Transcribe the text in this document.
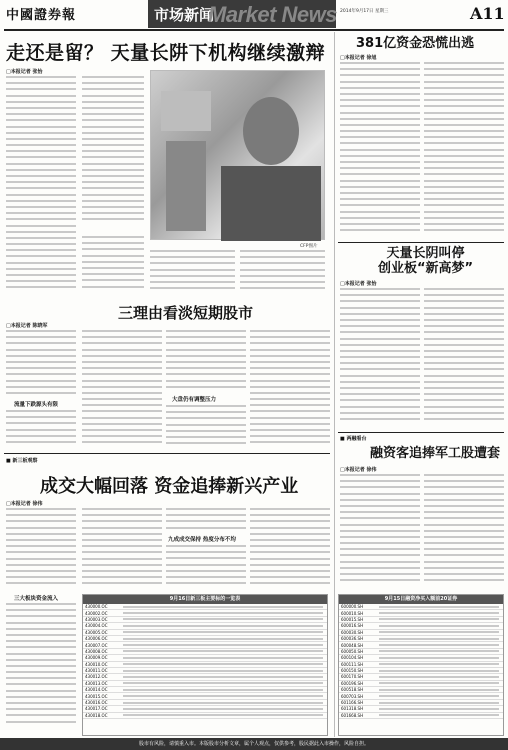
中國證券報	市场新闻
Market News 2014年9月17日 星期三	A11
走还是留？ 天量长阱下机构继续激辩
□本报记者 张怡
CFP图片
三理由看淡短期股市
□本报记者 陈晓军
流量下跌源头有限
大盘仍有调整压力
■ 新三板观察
成交大幅回落 资金追捧新兴产业
□本报记者 徐伟
三大板块资金流入
九成成交保持 热度分布不均
9月16日新三板主要标的一览表
430000.OC
430002.OC
430003.OC
430004.OC
430005.OC
430006.OC
430007.OC
430008.OC
430009.OC
430010.OC
430011.OC
430012.OC
430013.OC
430014.OC
430015.OC
430016.OC
430017.OC
430018.OC
381亿资金恐慌出逃
□本报记者 徐旭
天量长阴叫停
创业板“新高梦”
□本报记者 张怡
■ 两融看台
融资客追捧军工股遭套
□本报记者 徐伟
9月15日融资净买入额前20证券
600000.SH
600010.SH
600015.SH
600016.SH
600030.SH
600036.SH
600048.SH
600050.SH
600104.SH
600111.SH
600150.SH
600170.SH
600196.SH
600518.SH
600703.SH
601166.SH
601318.SH
601668.SH
股市有风险，请慎重入市。本版股市分析文章，属个人观点，仅供参考，股民据此入市操作，风险自担。
